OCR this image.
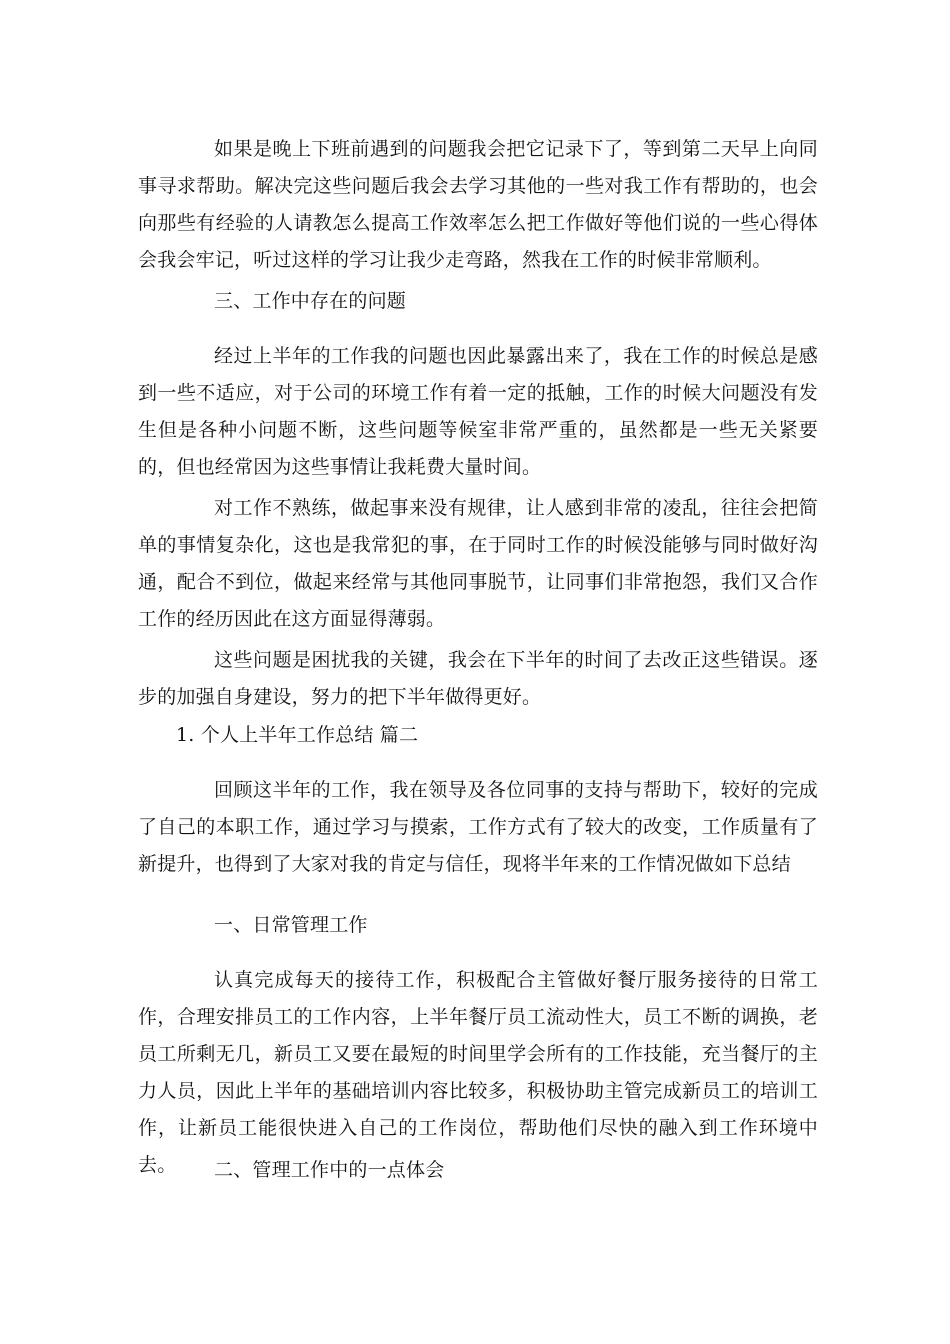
如果是晚上下班前遇到的问题我会把它记录下了，等到第二天早上向同事寻求帮助。解决完这些问题后我会去学习其他的一些对我工作有帮助的，也会向那些有经验的人请教怎么提高工作效率怎么把工作做好等他们说的一些心得体会我会牢记，听过这样的学习让我少走弯路，然我在工作的时候非常顺利。

三、工作中存在的问题

经过上半年的工作我的问题也因此暴露出来了，我在工作的时候总是感到一些不适应，对于公司的环境工作有着一定的抵触，工作的时候大问题没有发生但是各种小问题不断，这些问题等候室非常严重的，虽然都是一些无关紧要的，但也经常因为这些事情让我耗费大量时间。

对工作不熟练，做起事来没有规律，让人感到非常的凌乱，往往会把简单的事情复杂化，这也是我常犯的事，在于同时工作的时候没能够与同时做好沟通，配合不到位，做起来经常与其他同事脱节，让同事们非常抱怨，我们又合作工作的经历因此在这方面显得薄弱。

这些问题是困扰我的关键，我会在下半年的时间了去改正这些错误。逐步的加强自身建设，努力的把下半年做得更好。

1. 个人上半年工作总结 篇二

回顾这半年的工作，我在领导及各位同事的支持与帮助下，较好的完成了自己的本职工作，通过学习与摸索，工作方式有了较大的改变，工作质量有了新提升，也得到了大家对我的肯定与信任，现将半年来的工作情况做如下总结

一、日常管理工作

认真完成每天的接待工作，积极配合主管做好餐厅服务接待的日常工作，合理安排员工的工作内容，上半年餐厅员工流动性大，员工不断的调换，老员工所剩无几，新员工又要在最短的时间里学会所有的工作技能，充当餐厅的主力人员，因此上半年的基础培训内容比较多，积极协助主管完成新员工的培训工作，让新员工能很快进入自己的工作岗位，帮助他们尽快的融入到工作环境中去。	二、管理工作中的一点体会
